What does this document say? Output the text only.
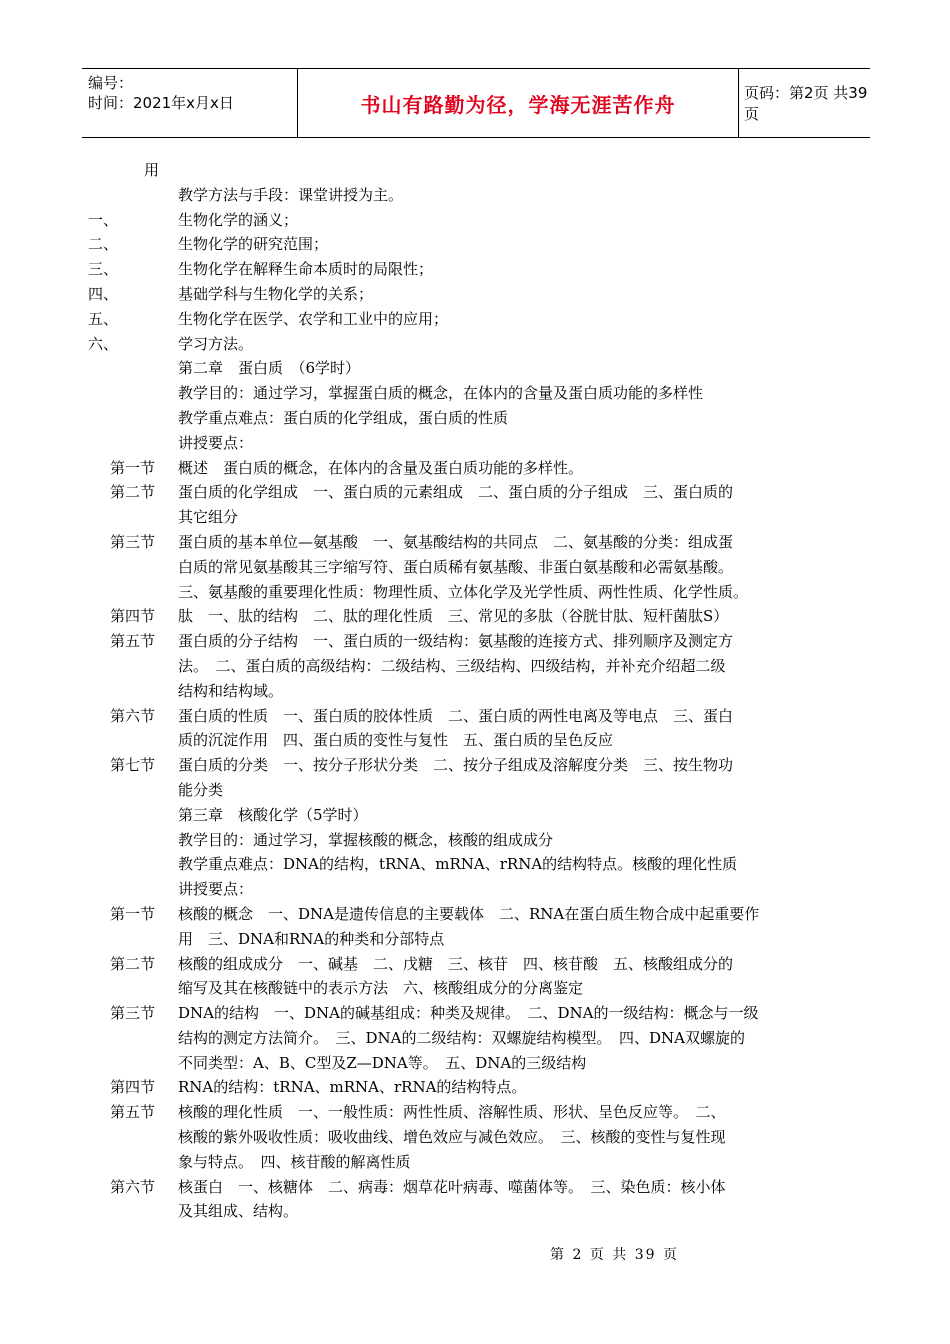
编号：
时间：2021年x月x日	书山有路勤为径，学海无涯苦作舟	页码：第2页 共39页
用
教学方法与手段：课堂讲授为主。
一、	生物化学的涵义；
二、	生物化学的研究范围；
三、	生物化学在解释生命本质时的局限性；
四、	基础学科与生物化学的关系；
五、	生物化学在医学、农学和工业中的应用；
六、	学习方法。
第二章　蛋白质　（6学时）
教学目的：通过学习，掌握蛋白质的概念，在体内的含量及蛋白质功能的多样性
教学重点难点：蛋白质的化学组成，蛋白质的性质
讲授要点：
第一节 概述　蛋白质的概念，在体内的含量及蛋白质功能的多样性。
第二节 蛋白质的化学组成　一、蛋白质的元素组成　二、蛋白质的分子组成　三、蛋白质的
其它组分
第三节 蛋白质的基本单位—氨基酸　一、氨基酸结构的共同点　二、氨基酸的分类：组成蛋
白质的常见氨基酸其三字缩写符、蛋白质稀有氨基酸、非蛋白氨基酸和必需氨基酸。
三、氨基酸的重要理化性质：物理性质、立体化学及光学性质、两性性质、化学性质。
第四节 肽　一、肽的结构　二、肽的理化性质　三、常见的多肽（谷胱甘肽、短杆菌肽S）
第五节 蛋白质的分子结构　一、蛋白质的一级结构：氨基酸的连接方式、排列顺序及测定方
法。　二、蛋白质的高级结构：二级结构、三级结构、四级结构，并补充介绍超二级
结构和结构域。
第六节 蛋白质的性质　一、蛋白质的胶体性质　二、蛋白质的两性电离及等电点　三、蛋白
质的沉淀作用　四、蛋白质的变性与复性　五、蛋白质的呈色反应
第七节 蛋白质的分类　一、按分子形状分类　二、按分子组成及溶解度分类　三、按生物功
能分类
第三章　核酸化学（5学时）
教学目的：通过学习，掌握核酸的概念，核酸的组成成分
教学重点难点：DNA的结构，tRNA、mRNA、rRNA的结构特点。核酸的理化性质
讲授要点：
第一节 核酸的概念　一、DNA是遗传信息的主要载体　二、RNA在蛋白质生物合成中起重要作
用　三、DNA和RNA的种类和分部特点
第二节 核酸的组成成分　一、碱基　二、戊糖　三、核苷　四、核苷酸　五、核酸组成分的
缩写及其在核酸链中的表示方法　六、核酸组成分的分离鉴定
第三节 DNA的结构　一、DNA的碱基组成：种类及规律。　二、DNA的一级结构：概念与一级
结构的测定方法简介。　三、DNA的二级结构：双螺旋结构模型。　四、DNA双螺旋的
不同类型：A、B、C型及Z—DNA等。　五、DNA的三级结构
第四节 RNA的结构：tRNA、mRNA、rRNA的结构特点。
第五节 核酸的理化性质　一、一般性质：两性性质、溶解性质、形状、呈色反应等。　二、
核酸的紫外吸收性质：吸收曲线、增色效应与减色效应。　三、核酸的变性与复性现
象与特点。　四、核苷酸的解离性质
第六节 核蛋白　一、核糖体　二、病毒：烟草花叶病毒、噬菌体等。　三、染色质：核小体
及其组成、结构。
第 2 页 共 39 页
